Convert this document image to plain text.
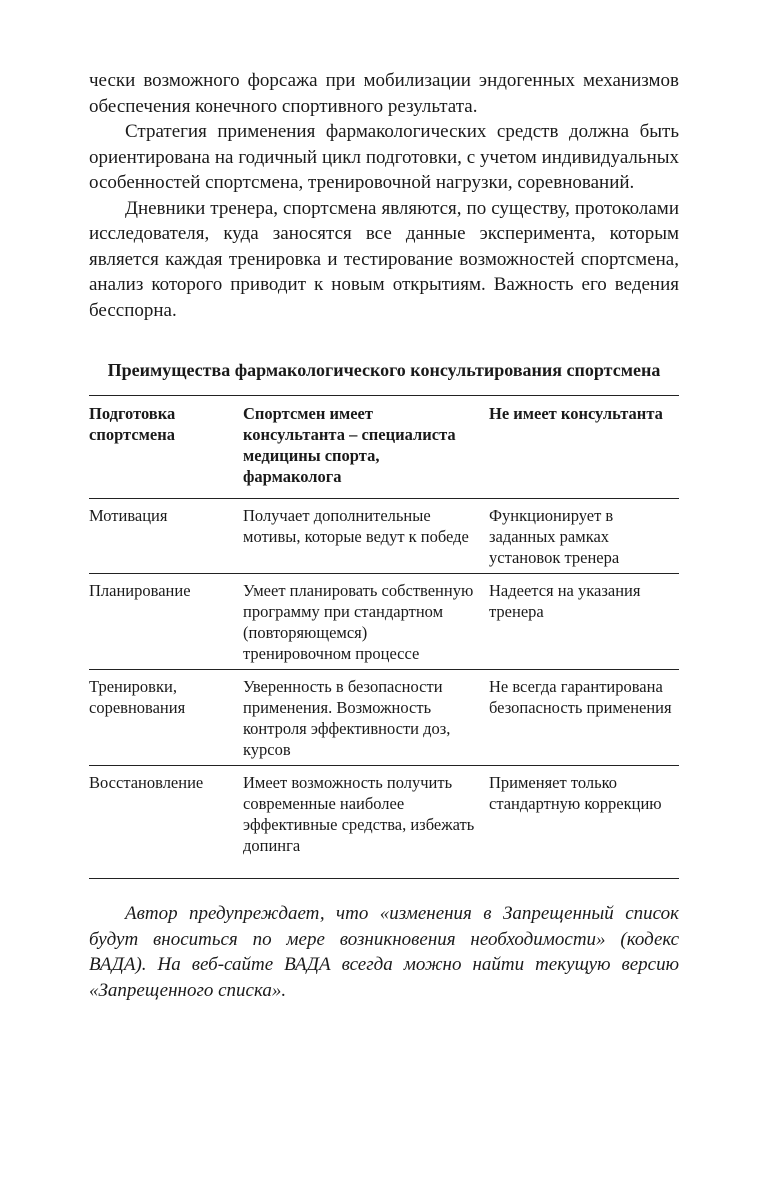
чески возможного форсажа при мобилизации эндогенных механизмов обеспечения конечного спортивного результата.

Стратегия применения фармакологических средств должна быть ориентирована на годичный цикл подготовки, с учетом индивидуальных особенностей спортсмена, тренировочной нагрузки, соревнований.

Дневники тренера, спортсмена являются, по существу, протоколами исследователя, куда заносятся все данные эксперимента, которым является каждая тренировка и тестирование возможностей спортсмена, анализ которого приводит к новым открытиям. Важность его ведения бесспорна.

Преимущества фармакологического консультирования спортсмена
Подготовка спортсмена	Спортсмен имеет консультанта – специалиста медицины спорта, фармаколога	Не имеет консультанта
Мотивация	Получает дополнительные мотивы, которые ведут к победе	Функционирует в заданных рамках установок тренера
Планирование	Умеет планировать собственную программу при стандартном (повторяющемся) тренировочном процессе	Надеется на указания тренера
Тренировки, соревнования	Уверенность в безопасности применения. Возможность контроля эффективности доз, курсов	Не всегда гарантирована безопасность применения
Восстановление	Имеет возможность получить современные наиболее эффективные средства, избежать допинга	Применяет только стандартную коррекцию

Автор предупреждает, что «изменения в Запрещенный список будут вноситься по мере возникновения необходимости» (кодекс ВАДА). На веб-сайте ВАДА всегда можно найти текущую версию «Запрещенного списка».
